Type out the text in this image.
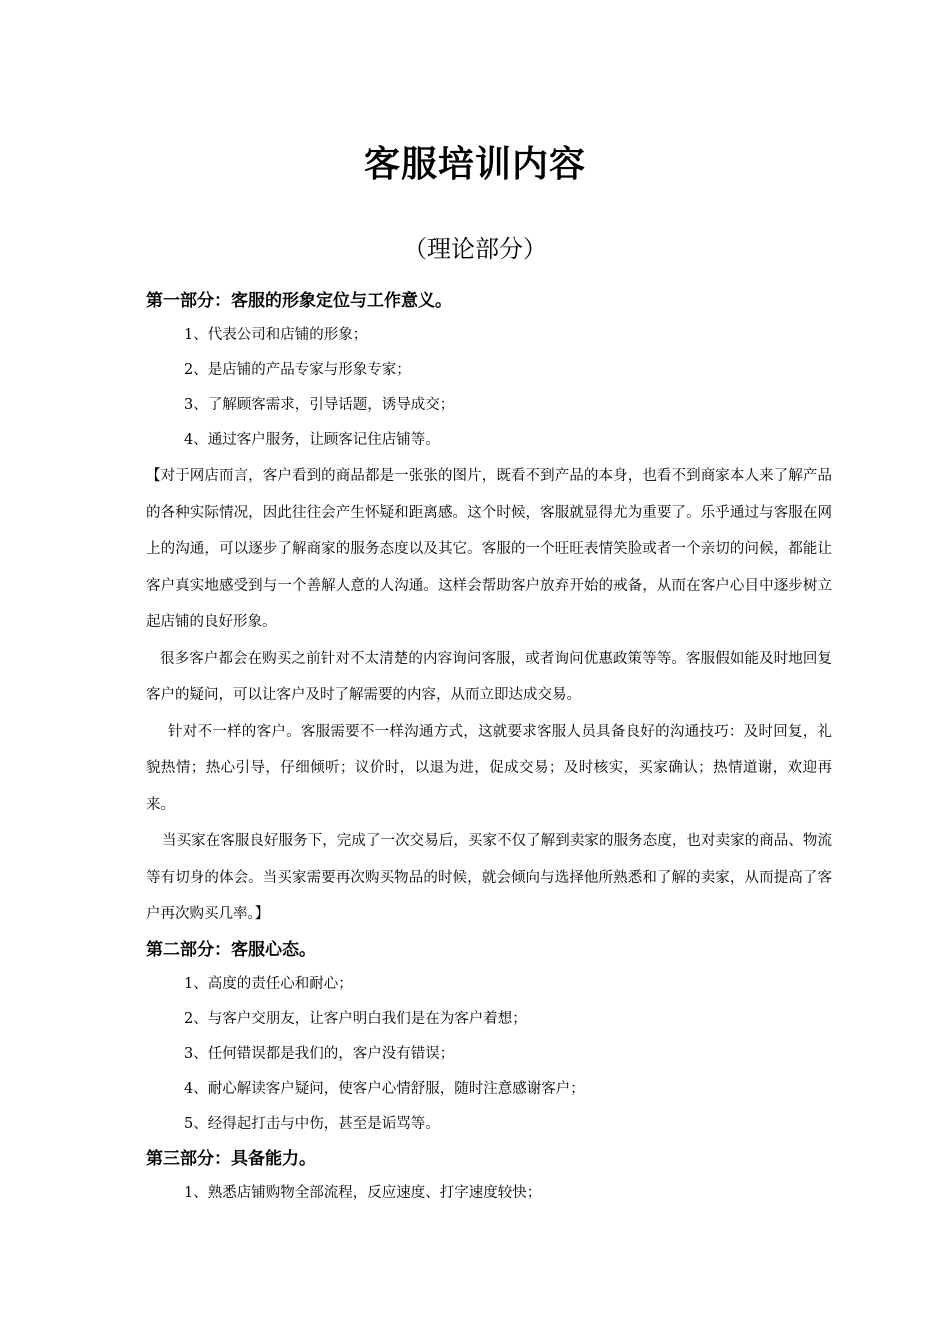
客服培训内容
（理论部分）
第一部分：客服的形象定位与工作意义。
1、代表公司和店铺的形象；
2、是店铺的产品专家与形象专家；
3、了解顾客需求，引导话题，诱导成交；
4、通过客户服务，让顾客记住店铺等。

【对于网店而言，客户看到的商品都是一张张的图片，既看不到产品的本身，也看不到商家本人来了解产品的各种实际情况，因此往往会产生怀疑和距离感。这个时候，客服就显得尤为重要了。乐乎通过与客服在网上的沟通，可以逐步了解商家的服务态度以及其它。客服的一个旺旺表情笑脸或者一个亲切的问候，都能让客户真实地感受到与一个善解人意的人沟通。这样会帮助客户放弃开始的戒备，从而在客户心目中逐步树立起店铺的良好形象。

很多客户都会在购买之前针对不太清楚的内容询问客服，或者询问优惠政策等等。客服假如能及时地回复客户的疑问，可以让客户及时了解需要的内容，从而立即达成交易。

针对不一样的客户。客服需要不一样沟通方式，这就要求客服人员具备良好的沟通技巧：及时回复，礼貌热情；热心引导，仔细倾听；议价时，以退为进，促成交易；及时核实，买家确认；热情道谢，欢迎再来。

当买家在客服良好服务下，完成了一次交易后，买家不仅了解到卖家的服务态度，也对卖家的商品、物流等有切身的体会。当买家需要再次购买物品的时候，就会倾向与选择他所熟悉和了解的卖家，从而提高了客户再次购买几率。】

第二部分：客服心态。
1、高度的责任心和耐心；
2、与客户交朋友，让客户明白我们是在为客户着想；
3、任何错误都是我们的，客户没有错误；
4、耐心解读客户疑问，使客户心情舒服，随时注意感谢客户；
5、经得起打击与中伤，甚至是诟骂等。
第三部分：具备能力。
1、熟悉店铺购物全部流程，反应速度、打字速度较快；
